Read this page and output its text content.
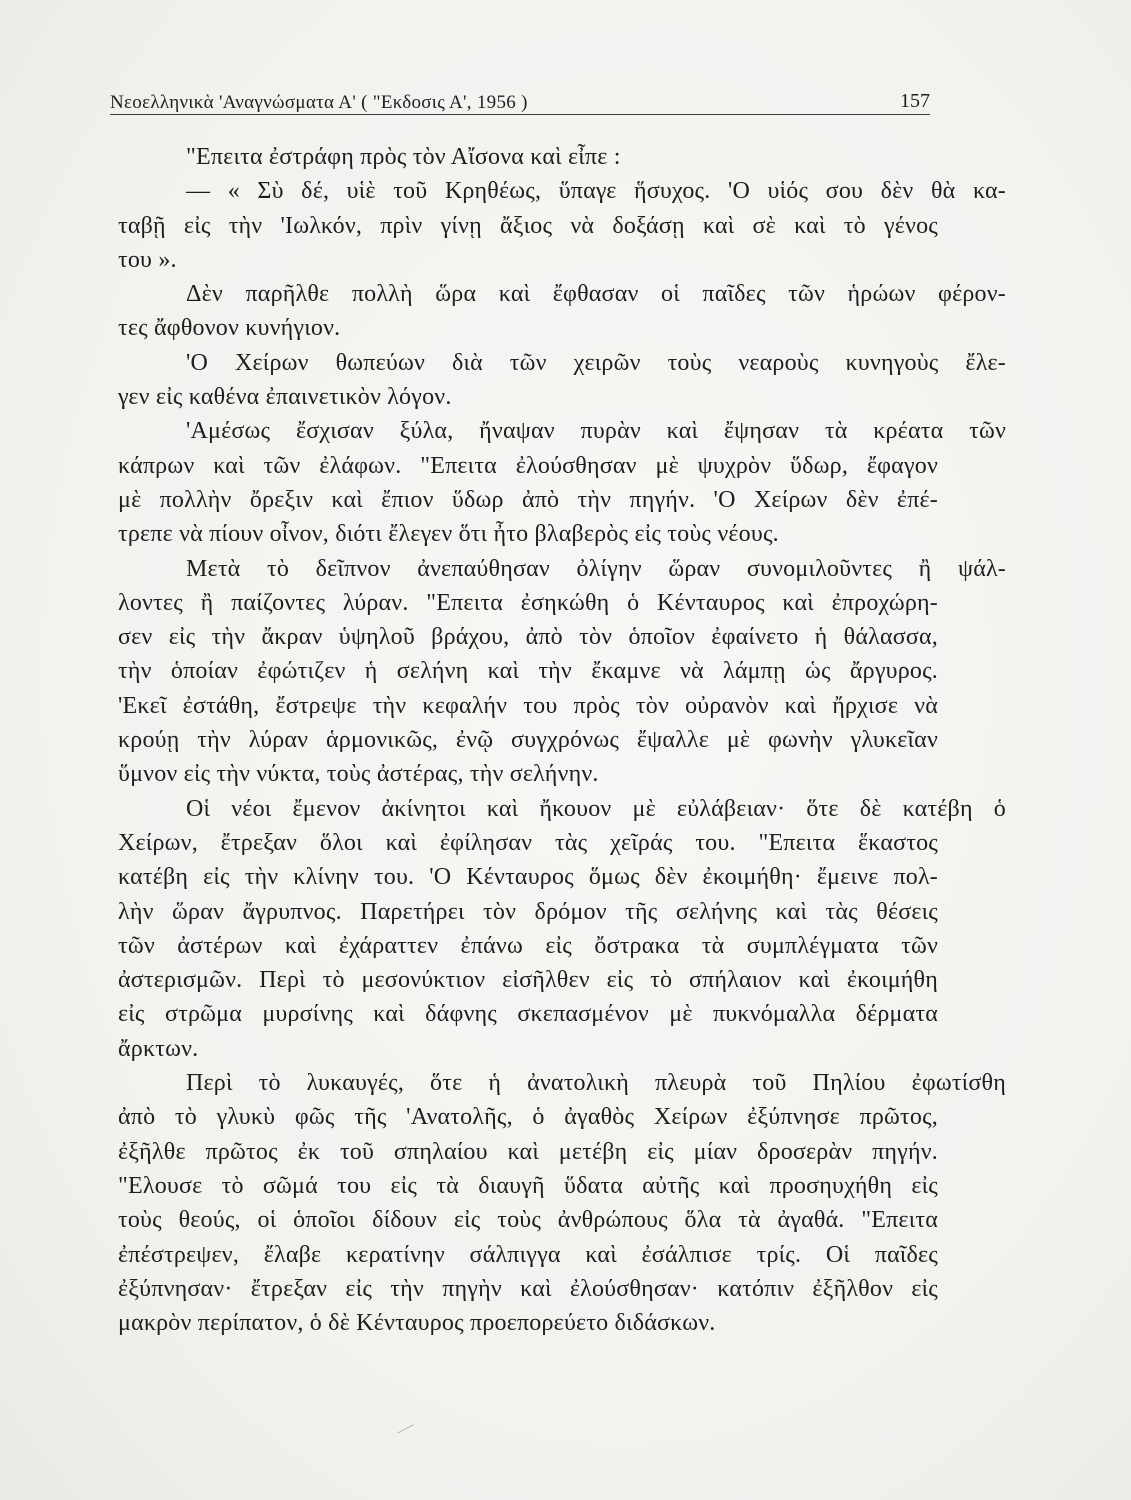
Νεοελληνικὰ 'Αναγνώσματα Α' ( "Εκδοσις Α', 1956 )	157
"Επειτα ἐστράφη πρὸς τὸν Αἴσονα καὶ εἶπε :
— « Σὺ δέ, υἱὲ τοῦ Κρηθέως, ὕπαγε ἥσυχος. 'Ο υἱός σου δὲν θὰ κα-
ταβῇ εἰς τὴν 'Ιωλκόν, πρὶν γίνῃ ἄξιος νὰ δοξάσῃ καὶ σὲ καὶ τὸ γένος
του ».
Δὲν παρῆλθε πολλὴ ὥρα καὶ ἔφθασαν οἱ παῖδες τῶν ἡρώων φέρον-
τες ἄφθονον κυνήγιον.
'Ο Χείρων θωπεύων διὰ τῶν χειρῶν τοὺς νεαροὺς κυνηγοὺς ἔλε-
γεν εἰς καθένα ἐπαινετικὸν λόγον.
'Αμέσως ἔσχισαν ξύλα, ἤναψαν πυρὰν καὶ ἔψησαν τὰ κρέατα τῶν
κάπρων καὶ τῶν ἐλάφων. "Επειτα ἐλούσθησαν μὲ ψυχρὸν ὕδωρ, ἔφαγον
μὲ πολλὴν ὄρεξιν καὶ ἔπιον ὕδωρ ἀπὸ τὴν πηγήν. 'Ο Χείρων δὲν ἐπέ-
τρεπε νὰ πίουν οἶνον, διότι ἔλεγεν ὅτι ἦτο βλαβερὸς εἰς τοὺς νέους.
Μετὰ τὸ δεῖπνον ἀνεπαύθησαν ὀλίγην ὥραν συνομιλοῦντες ἢ ψάλ-
λοντες ἢ παίζοντες λύραν. "Επειτα ἐσηκώθη ὁ Κένταυρος καὶ ἐπροχώρη-
σεν εἰς τὴν ἄκραν ὑψηλοῦ βράχου, ἀπὸ τὸν ὁποῖον ἐφαίνετο ἡ θάλασσα,
τὴν ὁποίαν ἐφώτιζεν ἡ σελήνη καὶ τὴν ἔκαμνε νὰ λάμπῃ ὡς ἄργυρος.
'Εκεῖ ἐστάθη, ἔστρεψε τὴν κεφαλήν του πρὸς τὸν οὐρανὸν καὶ ἤρχισε νὰ
κρούῃ τὴν λύραν ἁρμονικῶς, ἐνῷ συγχρόνως ἔψαλλε μὲ φωνὴν γλυκεῖαν
ὕμνον εἰς τὴν νύκτα, τοὺς ἀστέρας, τὴν σελήνην.
Οἱ νέοι ἔμενον ἀκίνητοι καὶ ἤκουον μὲ εὐλάβειαν· ὅτε δὲ κατέβη ὁ
Χείρων, ἔτρεξαν ὅλοι καὶ ἐφίλησαν τὰς χεῖράς του. "Επειτα ἕκαστος
κατέβη εἰς τὴν κλίνην του. 'Ο Κένταυρος ὅμως δὲν ἐκοιμήθη· ἔμεινε πολ-
λὴν ὥραν ἄγρυπνος. Παρετήρει τὸν δρόμον τῆς σελήνης καὶ τὰς θέσεις
τῶν ἀστέρων καὶ ἐχάραττεν ἐπάνω εἰς ὄστρακα τὰ συμπλέγματα τῶν
ἀστερισμῶν. Περὶ τὸ μεσονύκτιον εἰσῆλθεν εἰς τὸ σπήλαιον καὶ ἐκοιμήθη
εἰς στρῶμα μυρσίνης καὶ δάφνης σκεπασμένον μὲ πυκνόμαλλα δέρματα
ἄρκτων.
Περὶ τὸ λυκαυγές, ὅτε ἡ ἀνατολικὴ πλευρὰ τοῦ Πηλίου ἐφωτίσθη
ἀπὸ τὸ γλυκὺ φῶς τῆς 'Ανατολῆς, ὁ ἀγαθὸς Χείρων ἐξύπνησε πρῶτος,
ἐξῆλθε πρῶτος ἐκ τοῦ σπηλαίου καὶ μετέβη εἰς μίαν δροσερὰν πηγήν.
"Ελουσε τὸ σῶμά του εἰς τὰ διαυγῆ ὕδατα αὐτῆς καὶ προσηυχήθη εἰς
τοὺς θεούς, οἱ ὁποῖοι δίδουν εἰς τοὺς ἀνθρώπους ὅλα τὰ ἀγαθά. "Επειτα
ἐπέστρεψεν, ἔλαβε κερατίνην σάλπιγγα καὶ ἐσάλπισε τρίς. Οἱ παῖδες
ἐξύπνησαν· ἔτρεξαν εἰς τὴν πηγὴν καὶ ἐλούσθησαν· κατόπιν ἐξῆλθον εἰς
μακρὸν περίπατον, ὁ δὲ Κένταυρος προεπορεύετο διδάσκων.
